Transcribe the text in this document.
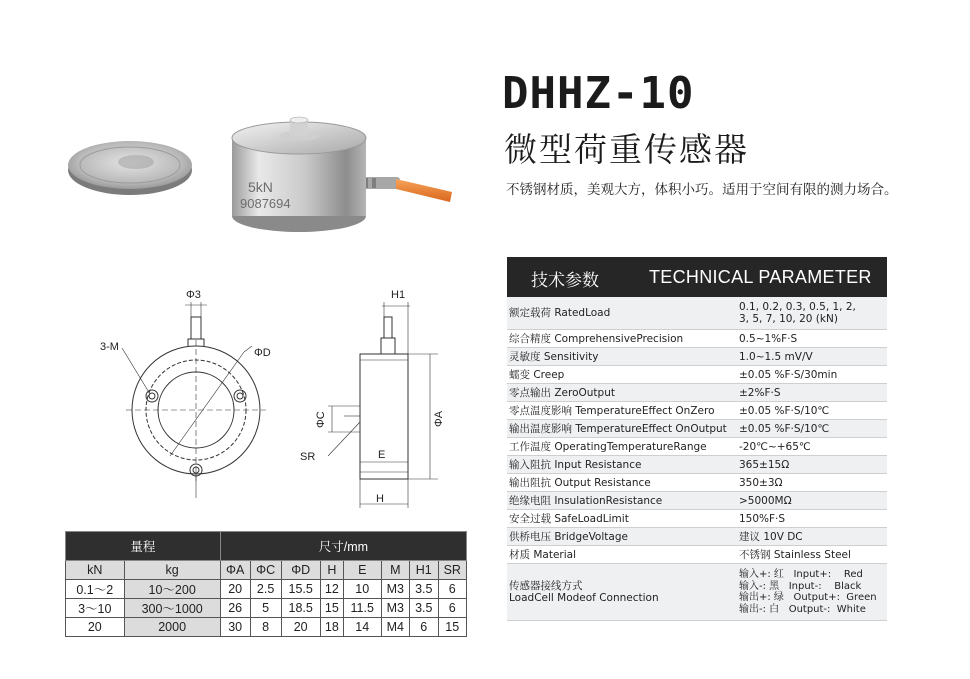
5kN
9087694
DHHZ-10
微型荷重传感器
不锈钢材质，美观大方，体积小巧。适用于空间有限的测力场合。
Φ3
3-M	ΦD
H1
ΦC	ΦA
SR	E
H
量程		尺寸/mm							
kN	kg	ΦA	ΦC	ΦD	H	E	M	H1	SR
0.1～2	10～200	20	2.5	15.5	12	10	M3	3.5	6
3～10	300～1000	26	5	18.5	15	11.5	M3	3.5	6
20	2000	30	8	20	18	14	M4	6	15
技术参数	TECHNICAL PARAMETER
额定载荷 RatedLoad	0.1, 0.2, 0.3, 0.5, 1, 2,
3, 5, 7, 10, 20 (kN)
综合精度 ComprehensivePrecision	0.5~1%F·S
灵敏度 Sensitivity	1.0~1.5 mV/V
蠕变 Creep	±0.05 %F·S/30min
零点输出 ZeroOutput	±2%F·S
零点温度影响 TemperatureEffect OnZero	±0.05 %F·S/10℃
输出温度影响 TemperatureEffect OnOutput	±0.05 %F·S/10℃
工作温度 OperatingTemperatureRange	-20℃~+65℃
输入阻抗 Input Resistance	365±15Ω
输出阻抗 Output Resistance	350±3Ω
绝缘电阻 InsulationResistance	>5000MΩ
安全过载 SafeLoadLimit	150%F·S
供桥电压 BridgeVoltage	建议 10V DC
材质 Material	不锈钢 Stainless Steel

传感器接线方式
LoadCell Modeof Connection	输入+: 红   Input+:    Red
输入-: 黑   Input-:    Black
输出+: 绿   Output+:  Green
输出-: 白   Output-:  White
